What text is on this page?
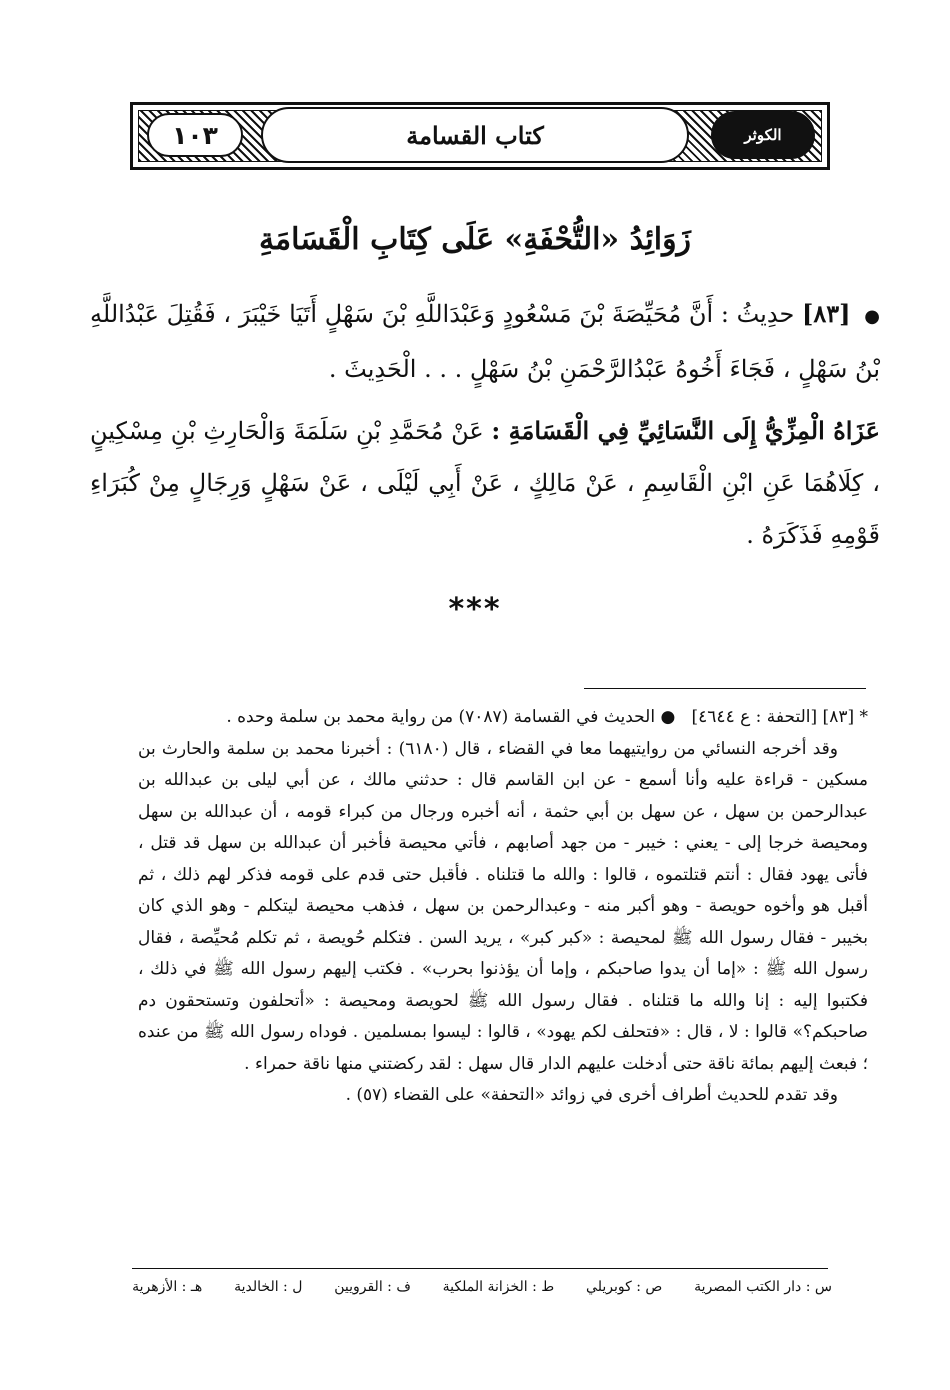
١٠٣	كتاب القسامة	الكوثر
زَوَائِدُ «التُّحْفَةِ» عَلَى كِتَابِ الْقَسَامَةِ
● [٨٣] حدِيثُ : أَنَّ مُحَيِّصَةَ بْنَ مَسْعُودٍ وَعَبْدَاللَّهِ بْنَ سَهْلٍ أَتَيَا خَيْبَرَ ، فَقُتِلَ عَبْدُاللَّهِ بْنُ سَهْلٍ ، فَجَاءَ أَخُوهُ عَبْدُالرَّحْمَنِ بْنُ سَهْلٍ . . . الْحَدِيثَ .
عَزَاهُ الْمِزِّيُّ إِلَى النَّسَائِيِّ فِي الْقَسَامَةِ : عَنْ مُحَمَّدِ بْنِ سَلَمَةَ وَالْحَارِثِ بْنِ مِسْكِينٍ ، كِلَاهُمَا عَنِ ابْنِ الْقَاسِمِ ، عَنْ مَالِكٍ ، عَنْ أَبِي لَيْلَى ، عَنْ سَهْلٍ وَرِجَالٍ مِنْ كُبَرَاءِ قَوْمِهِ فَذَكَرَهُ .
***

* [٨٣] [التحفة : ع ٤٦٤٤]   ● الحديث في القسامة (٧٠٨٧) من رواية محمد بن سلمة وحده .

وقد أخرجه النسائي من روايتيهما معا في القضاء ، قال (٦١٨٠) : أخبرنا محمد بن سلمة والحارث بن مسكين - قراءة عليه وأنا أسمع - عن ابن القاسم قال : حدثني مالك ، عن أبي ليلى بن عبدالله بن عبدالرحمن بن سهل ، عن سهل بن أبي حثمة ، أنه أخبره ورجال من كبراء قومه ، أن عبدالله بن سهل ومحيصة خرجا إلى - يعني : خيبر - من جهد أصابهم ، فأتي محيصة فأخبر أن عبدالله بن سهل قد قتل ، فأتى يهود فقال : أنتم قتلتموه ، قالوا : والله ما قتلناه . فأقبل حتى قدم على قومه فذكر لهم ذلك ، ثم أقبل هو وأخوه حويصة - وهو أكبر منه - وعبدالرحمن بن سهل ، فذهب محيصة ليتكلم - وهو الذي كان بخيبر - فقال رسول الله ﷺ لمحيصة : «كبر كبر» ، يريد السن . فتكلم حُويصة ، ثم تكلم مُحيِّصة ، فقال رسول الله ﷺ : «إما أن يدوا صاحبكم ، وإما أن يؤذنوا بحرب» . فكتب إليهم رسول الله ﷺ في ذلك ، فكتبوا إليه : إنا والله ما قتلناه . فقال رسول الله ﷺ لحويصة ومحيصة : «أتحلفون وتستحقون دم صاحبكم؟» قالوا : لا ، قال : «فتحلف لكم يهود» ، قالوا : ليسوا بمسلمين . فوداه رسول الله ﷺ من عنده ؛ فبعث إليهم بمائة ناقة حتى أدخلت عليهم الدار قال سهل : لقد ركضتني منها ناقة حمراء .

وقد تقدم للحديث أطراف أخرى في زوائد «التحفة» على القضاء (٥٧) .

س : دار الكتب المصرية
ص : كوبريلي
ط : الخزانة الملكية
ف : القرويين
ل : الخالدية
هـ : الأزهرية
